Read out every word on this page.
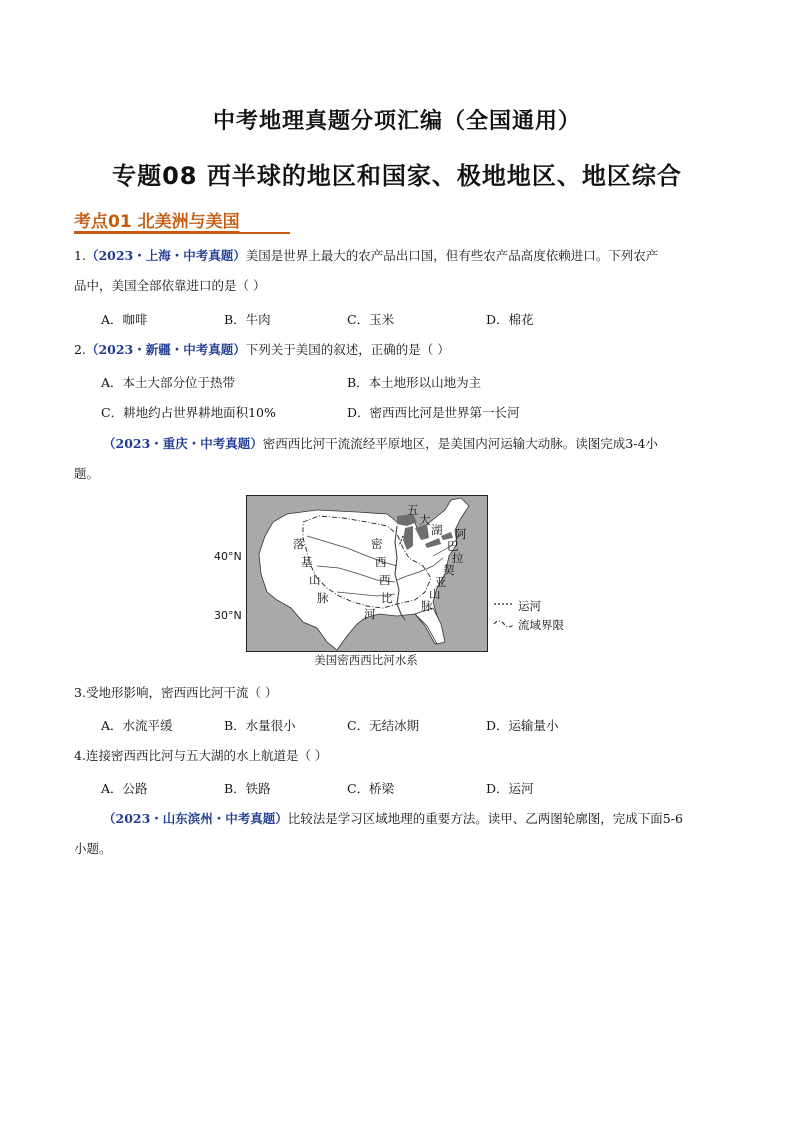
中考地理真题分项汇编（全国通用）
专题08 西半球的地区和国家、极地地区、地区综合
考点01 北美洲与美国
1.（2023・上海・中考真题）美国是世界上最大的农产品出口国，但有些农产品高度依赖进口。下列农产
品中，美国全部依靠进口的是（ ）
A．咖啡	B．牛肉	C．玉米	D．棉花
2.（2023・新疆・中考真题）下列关于美国的叙述，正确的是（ ）
A．本土大部分位于热带	B．本土地形以山地为主
C．耕地约占世界耕地面积10%	D．密西西比河是世界第一长河
（2023・重庆・中考真题）密西西比河干流流经平原地区，是美国内河运输大动脉。读图完成3-4小
题。
40°N
30°N
落
基
山
脉
密
西
西
比
河
五
大
湖 阿
巴
拉
契
亚
山
脉	运河
流域界限
美国密西西比河水系
3.受地形影响，密西西比河干流（ ）
A．水流平缓	B．水量很小	C．无结冰期	D．运输量小
4.连接密西西比河与五大湖的水上航道是（ ）
A．公路	B．铁路	C．桥梁	D．运河
（2023・山东滨州・中考真题）比较法是学习区域地理的重要方法。读甲、乙两图轮廓图，完成下面5-6
小题。
